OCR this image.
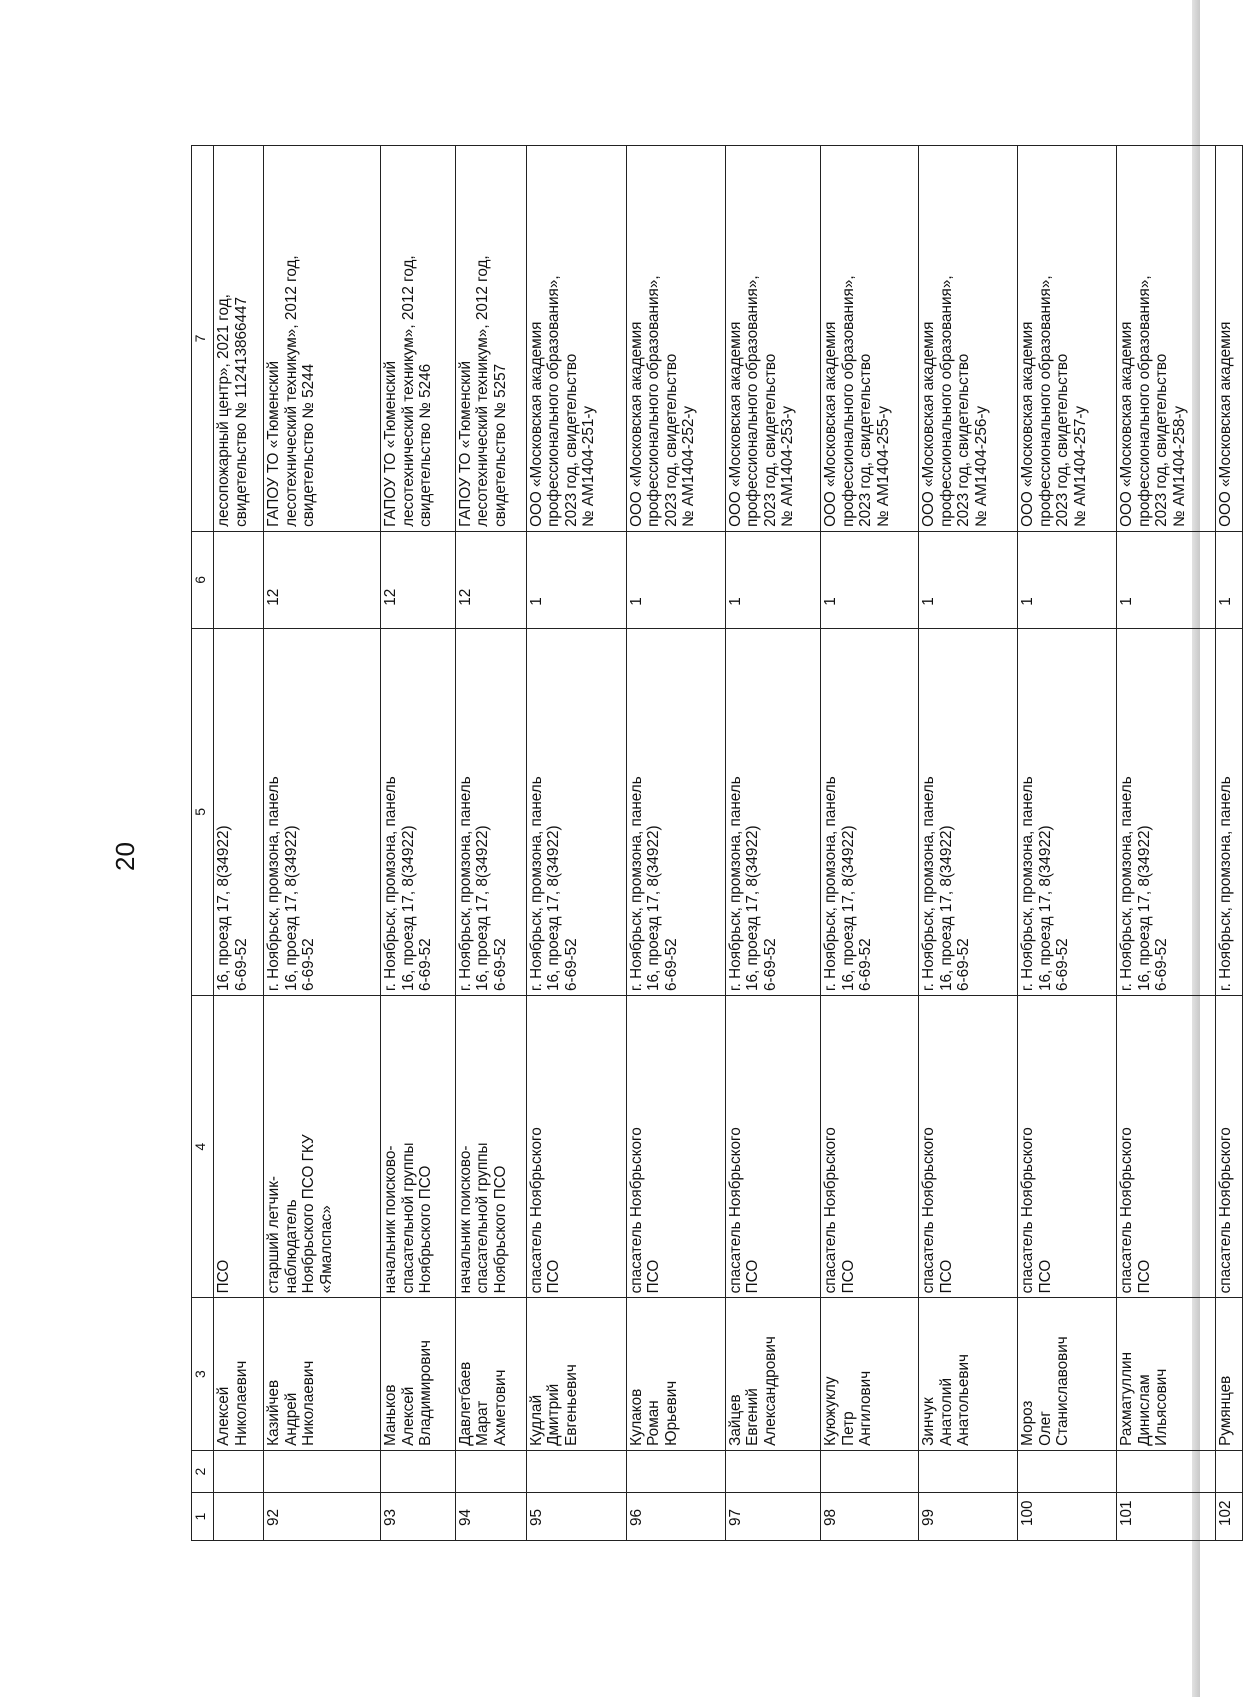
20
1	2	3	4	5	6	7
		Алексей
Николаевич	ПСО	16, проезд 17, 8(34922)
6-69-52		лесопожарный центр», 2021 год,
свидетельство № 112413866447
92		Казийчев
Андрей
Николаевич	старший летчик-
наблюдатель
Ноябрьского ПСО ГКУ
«Ямалспас»	г. Ноябрьск, промзона, панель
16, проезд 17, 8(34922)
6-69-52	12	ГАПОУ ТО «Тюменский
лесотехнический техникум», 2012 год,
свидетельство № 5244
93		Маньков
Алексей
Владимирович	начальник поисково-
спасательной группы
Ноябрьского ПСО	г. Ноябрьск, промзона, панель
16, проезд 17, 8(34922)
6-69-52	12	ГАПОУ ТО «Тюменский
лесотехнический техникум», 2012 год,
свидетельство № 5246
94		Давлетбаев
Марат
Ахметович	начальник поисково-
спасательной группы
Ноябрьского ПСО	г. Ноябрьск, промзона, панель
16, проезд 17, 8(34922)
6-69-52	12	ГАПОУ ТО «Тюменский
лесотехнический техникум», 2012 год,
свидетельство № 5257
95		Кудлай
Дмитрий
Евгеньевич	спасатель Ноябрьского
ПСО	г. Ноябрьск, промзона, панель
16, проезд 17, 8(34922)
6-69-52	1	ООО «Московская академия
профессионального образования»,
2023 год, свидетельство
№ АМ1404-251-у
96		Кулаков
Роман
Юрьевич	спасатель Ноябрьского
ПСО	г. Ноябрьск, промзона, панель
16, проезд 17, 8(34922)
6-69-52	1	ООО «Московская академия
профессионального образования»,
2023 год, свидетельство
№ АМ1404-252-у
97		Зайцев
Евгений
Александрович	спасатель Ноябрьского
ПСО	г. Ноябрьск, промзона, панель
16, проезд 17, 8(34922)
6-69-52	1	ООО «Московская академия
профессионального образования»,
2023 год, свидетельство
№ АМ1404-253-у
98		Куюжуклу
Петр
Ангилович	спасатель Ноябрьского
ПСО	г. Ноябрьск, промзона, панель
16, проезд 17, 8(34922)
6-69-52	1	ООО «Московская академия
профессионального образования»,
2023 год, свидетельство
№ АМ1404-255-у
99		Зинчук
Анатолий
Анатольевич	спасатель Ноябрьского
ПСО	г. Ноябрьск, промзона, панель
16, проезд 17, 8(34922)
6-69-52	1	ООО «Московская академия
профессионального образования»,
2023 год, свидетельство
№ АМ1404-256-у
100		Мороз
Олег
Станиславович	спасатель Ноябрьского
ПСО	г. Ноябрьск, промзона, панель
16, проезд 17, 8(34922)
6-69-52	1	ООО «Московская академия
профессионального образования»,
2023 год, свидетельство
№ АМ1404-257-у
101		Рахматуллин
Динислам
Ильясович	спасатель Ноябрьского
ПСО	г. Ноябрьск, промзона, панель
16, проезд 17, 8(34922)
6-69-52	1	ООО «Московская академия
профессионального образования»,
2023 год, свидетельство
№ АМ1404-258-у
102		Румянцев	спасатель Ноябрьского	г. Ноябрьск, промзона, панель	1	ООО «Московская академия
